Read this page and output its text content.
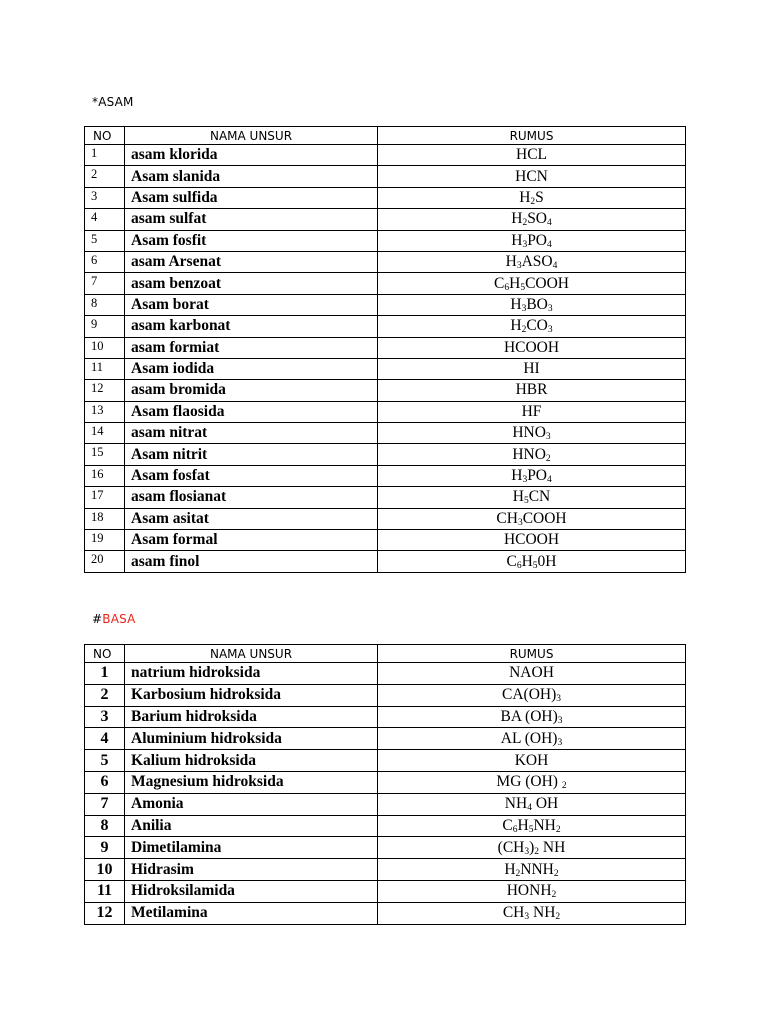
*ASAM
NO	NAMA UNSUR	RUMUS
1	asam klorida	HCL
2	Asam slanida	HCN
3	Asam sulfida	$H_2S$
4	asam sulfat	$H_2SO_4$
5	Asam fosfit	$H_3PO_4$
6	asam Arsenat	$H_3ASO_4$
7	asam benzoat	$C_6H_5COOH$
8	Asam borat	$H_3BO_3$
9	asam karbonat	$H_2CO_3$
10	asam formiat	HCOOH
11	Asam iodida	HI
12	asam bromida	HBR
13	Asam flaosida	HF
14	asam nitrat	$HNO_3$
15	Asam nitrit	$HNO_2$
16	Asam fosfat	$H_3PO_4$
17	asam flosianat	$H_5CN$
18	Asam asitat	$CH_3COOH$
19	Asam formal	HCOOH
20	asam finol	$C_6H_50H$
#BASA
NO	NAMA UNSUR	RUMUS
1	natrium hidroksida	NAOH
2	Karbosium hidroksida	$CA(OH)_3$
3	Barium hidroksida	BA $(OH)_3$
4	Aluminium hidroksida	AL $(OH)_3$
5	Kalium hidroksida	KOH
6	Magnesium hidroksida	MG (OH) $_2$
7	Amonia	$NH_4$ OH
8	Anilia	$C_6H_5NH_2$
9	Dimetilamina	$(CH_3)_2$ NH
10	Hidrasim	$H_2NNH_2$
11	Hidroksilamida	$HONH_2$
12	Metilamina	$CH_3$ $NH_2$
